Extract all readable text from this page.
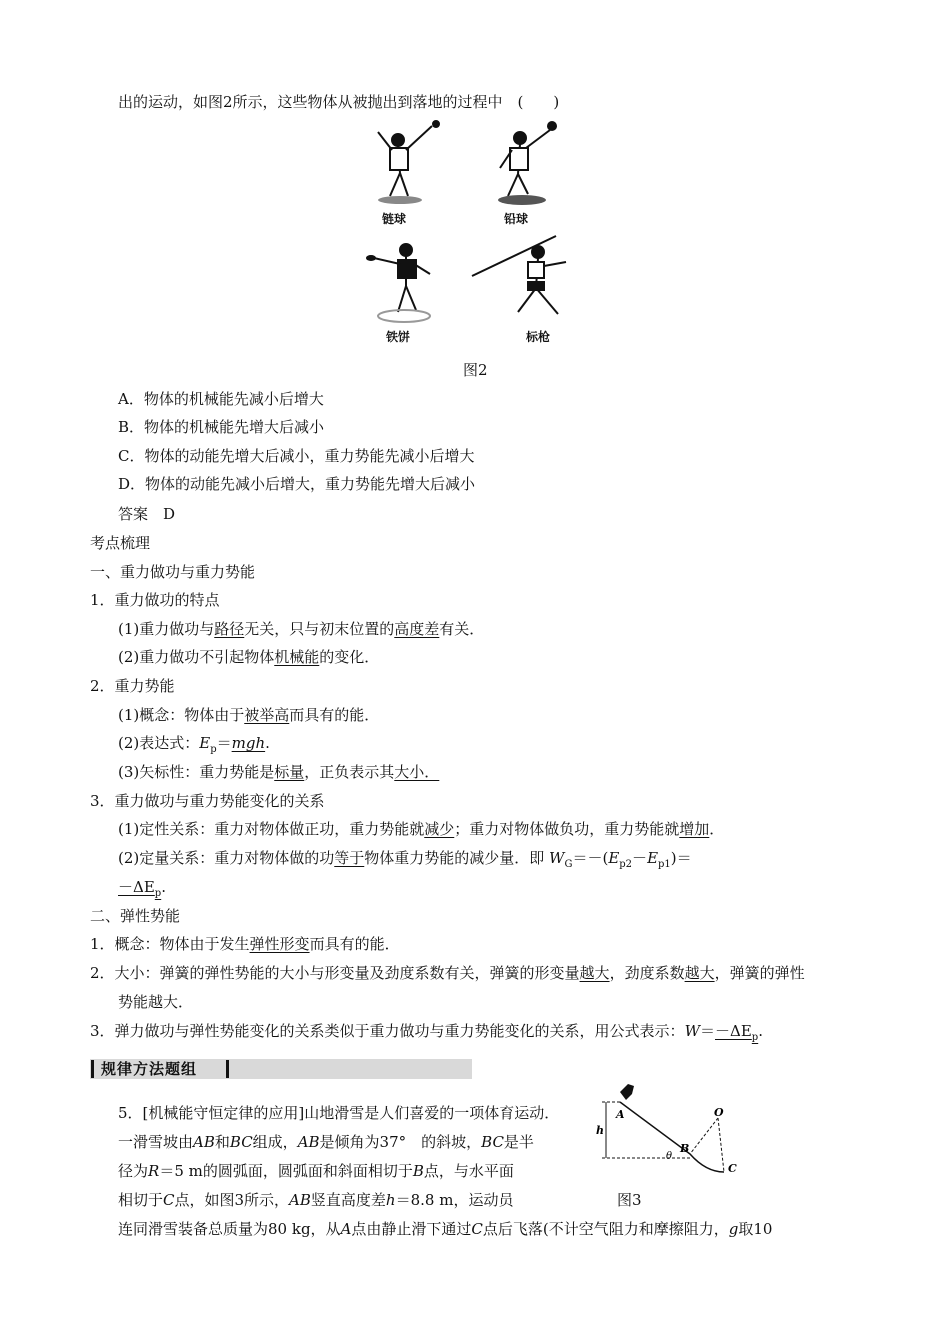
出的运动，如图2所示，这些物体从被抛出到落地的过程中　(　　)
链球	铅球
铁饼	标枪
图2
A．物体的机械能先减小后增大
B．物体的机械能先增大后减小
C．物体的动能先增大后减小，重力势能先减小后增大
D．物体的动能先减小后增大，重力势能先增大后减小
答案　D
考点梳理
一、重力做功与重力势能
1．重力做功的特点
(1)重力做功与路径无关，只与初末位置的高度差有关．
(2)重力做功不引起物体机械能的变化．
2．重力势能
(1)概念：物体由于被举高而具有的能．
(2)表达式：$E_p=mgh$.
(3)矢标性：重力势能是标量，正负表示其大小．
3．重力做功与重力势能变化的关系
(1)定性关系：重力对物体做正功，重力势能就减少；重力对物体做负功，重力势能就增加．
(2)定量关系：重力对物体做的功等于物体重力势能的减少量．即 $W_G=-(E_{p2}-E_{p1})=$
$-\Delta E_p$.
二、弹性势能
1．概念：物体由于发生弹性形变而具有的能．
2．大小：弹簧的弹性势能的大小与形变量及劲度系数有关，弹簧的形变量越大，劲度系数越大，弹簧的弹性
势能越大．
3．弹力做功与弹性势能变化的关系类似于重力做功与重力势能变化的关系，用公式表示：$W=-\Delta E_p$.
规律方法题组
5．[机械能守恒定律的应用]山地滑雪是人们喜爱的一项体育运动．
一滑雪坡由AB和BC组成，AB是倾角为37°　的斜坡，BC是半
径为R＝5 m的圆弧面，圆弧面和斜面相切于B点，与水平面
相切于C点，如图3所示，AB竖直高度差h＝8.8 m，运动员
连同滑雪装备总质量为80 kg，从A点由静止滑下通过C点后飞落(不计空气阻力和摩擦阻力，g取10
A
h
B
θ
O
C
图3
